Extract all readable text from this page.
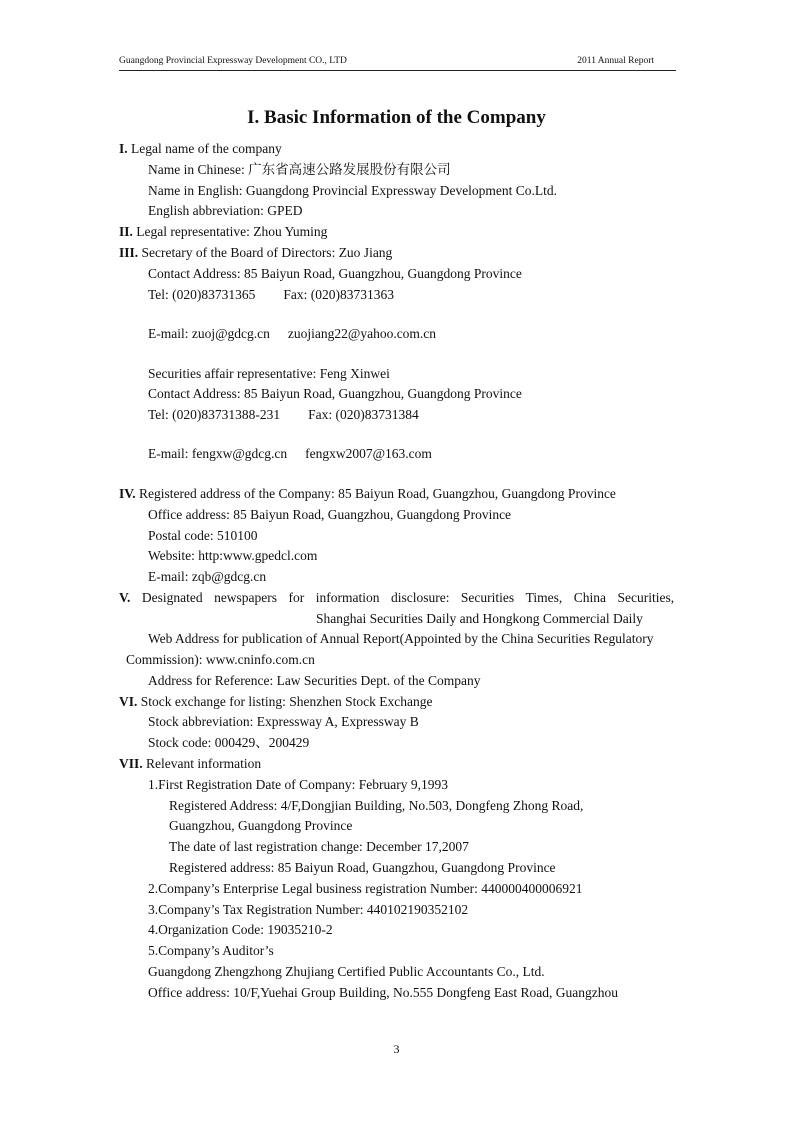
Guangdong Provincial Expressway Development CO., LTD	2011 Annual Report
I. Basic Information of the Company
I. Legal name of the company
Name in Chinese: 广东省高速公路发展股份有限公司
Name in English: Guangdong Provincial Expressway Development Co.Ltd.
English abbreviation: GPED
II. Legal representative: Zhou Yuming
III. Secretary of the Board of Directors: Zuo Jiang
Contact Address: 85 Baiyun Road, Guangzhou, Guangdong Province
Tel: (020)83731365 Fax: (020)83731363
E-mail: zuoj@gdcg.cn zuojiang22@yahoo.com.cn
Securities affair representative: Feng Xinwei
Contact Address: 85 Baiyun Road, Guangzhou, Guangdong Province
Tel: (020)83731388-231 Fax: (020)83731384
E-mail: fengxw@gdcg.cn fengxw2007@163.com
IV. Registered address of the Company: 85 Baiyun Road, Guangzhou, Guangdong Province
Office address: 85 Baiyun Road, Guangzhou, Guangdong Province
Postal code: 510100
Website: http:www.gpedcl.com
E-mail: zqb@gdcg.cn
V. Designated newspapers for information disclosure: Securities Times, China Securities,
Shanghai Securities Daily and Hongkong Commercial Daily
Web Address for publication of Annual Report(Appointed by the China Securities Regulatory
Commission): www.cninfo.com.cn
Address for Reference: Law Securities Dept. of the Company
VI. Stock exchange for listing: Shenzhen Stock Exchange
Stock abbreviation: Expressway A, Expressway B
Stock code: 000429、200429
VII. Relevant information
1.First Registration Date of Company: February 9,1993
Registered Address: 4/F,Dongjian Building, No.503, Dongfeng Zhong Road,
Guangzhou, Guangdong Province
The date of last registration change: December 17,2007
Registered address: 85 Baiyun Road, Guangzhou, Guangdong Province
2.Company’s Enterprise Legal business registration Number: 440000400006921
3.Company’s Tax Registration Number: 440102190352102
4.Organization Code: 19035210-2
5.Company’s Auditor’s
Guangdong Zhengzhong Zhujiang Certified Public Accountants Co., Ltd.
Office address: 10/F,Yuehai Group Building, No.555 Dongfeng East Road, Guangzhou
3
